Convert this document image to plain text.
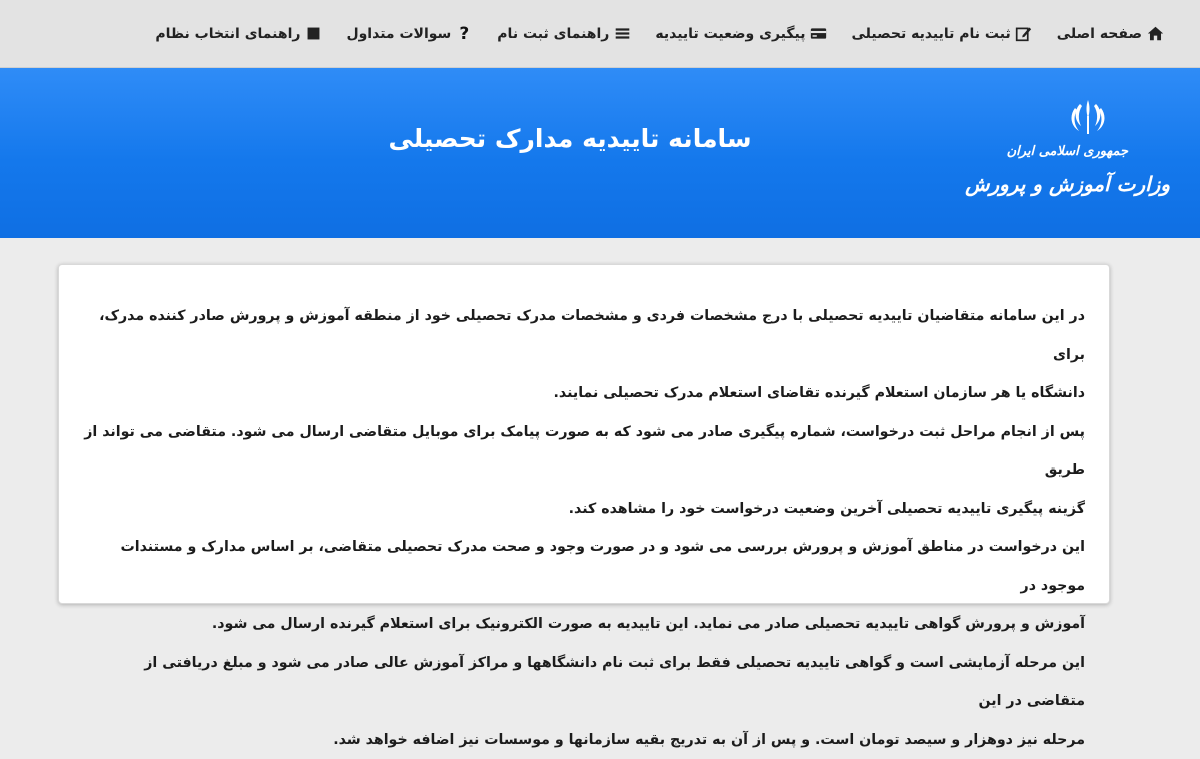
صفحه اصلی
ثبت نام تاییدیه تحصیلی
پیگیری وضعیت تاییدیه
راهنمای ثبت نام
?
سوالات متداول
راهنمای انتخاب نظام
سامانه تاییدیه مدارک تحصیلی	جمهوری اسلامی ایران
وزارت آموزش و پرورش

در این سامانه متقاضیان تاییدیه تحصیلی با درج مشخصات فردی و مشخصات مدرک تحصیلی خود از منطقه آموزش و پرورش صادر کننده مدرک، برای

دانشگاه یا هر سازمان استعلام گیرنده تقاضای استعلام مدرک تحصیلی نمایند.

پس از انجام مراحل ثبت درخواست، شماره پیگیری صادر می شود که به صورت پیامک برای موبایل متقاضی ارسال می شود. متقاضی می تواند از طریق

گزینه پیگیری تاییدیه تحصیلی آخرین وضعیت درخواست خود را مشاهده کند.

این درخواست در مناطق آموزش و پرورش بررسی می شود و در صورت وجود و صحت مدرک تحصیلی متقاضی، بر اساس مدارک و مستندات موجود در

آموزش و پرورش گواهی تاییدیه تحصیلی صادر می نماید. این تاییدیه به صورت الکترونیک برای استعلام گیرنده ارسال می شود.

این مرحله آزمایشی است و گواهی تاییدیه تحصیلی فقط برای ثبت نام دانشگاهها و مراکز آموزش عالی صادر می شود و مبلغ دریافتی از متقاضی در این

مرحله نیز دوهزار و سیصد تومان است. و پس از آن به تدریج بقیه سازمانها و موسسات نیز اضافه خواهد شد.
